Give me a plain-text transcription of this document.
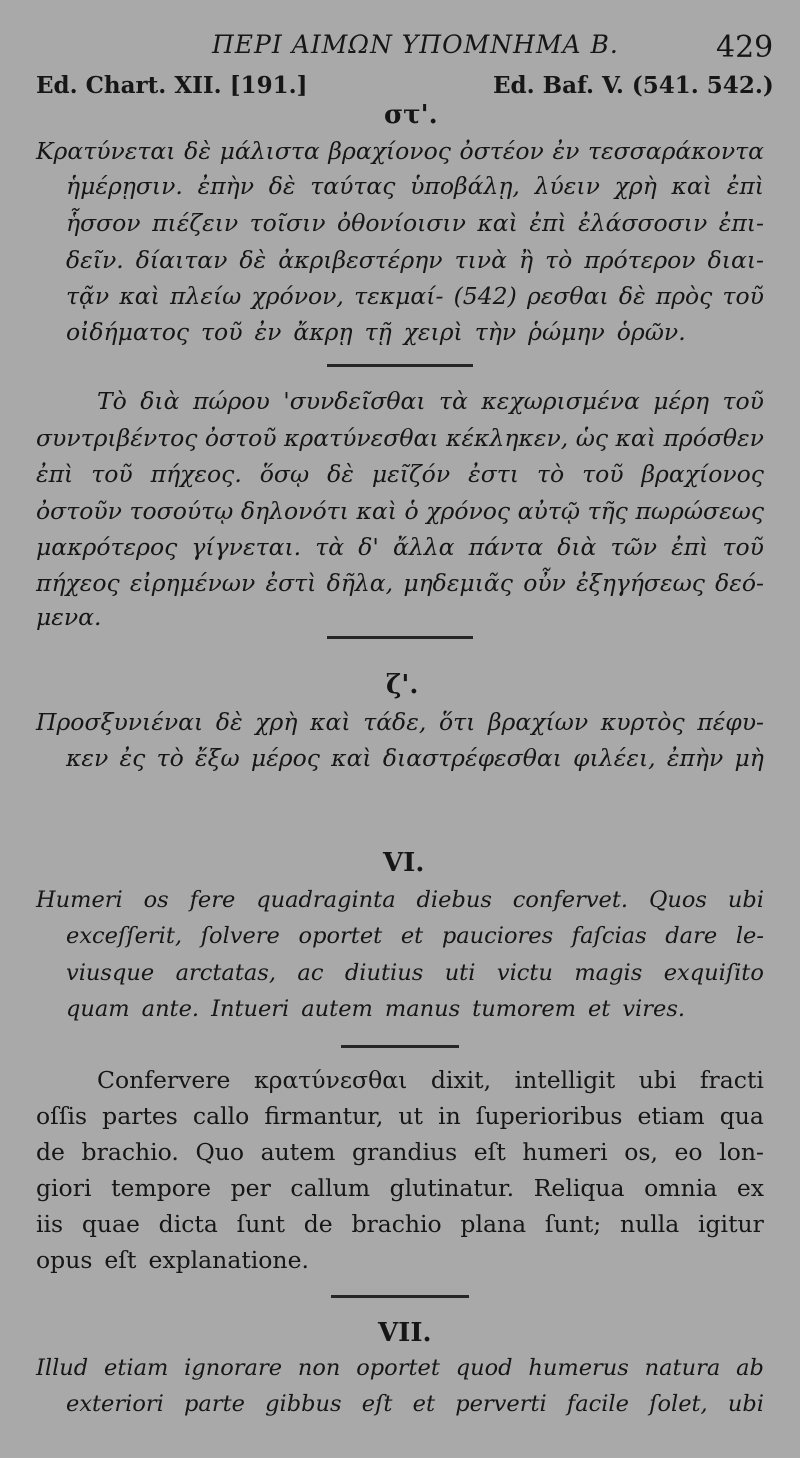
ΠΕΡΙ ΑΙΜΩΝ ΥΠΟΜΝΗΜΑ Β.	429
Ed. Chart. XII. [191.]	Ed. Baf. V. (541. 542.)
στ'.
Κρατύνεται δὲ μάλιστα βραχίονος ὀστέον ἐν τεσσαράκοντα
ἡμέρῃσιν. ἐπὴν δὲ ταύτας ὑποβάλῃ, λύειν χρὴ καὶ ἐπὶ
ἧσσον πιέζειν τοῖσιν ὀθονίοισιν καὶ ἐπὶ ἐλάσσοσιν ἐπι-
δεῖν. δίαιταν δὲ ἀκριβεστέρην τινὰ ἢ τὸ πρότερον διαι-
τᾷν καὶ πλείω χρόνον, τεκμαί- (542) ρεσθαι δὲ πρὸς τοῦ
οἰδήματος τοῦ ἐν ἄκρῃ τῇ χειρὶ τὴν ῥώμην ὁρῶν.
Τὸ διὰ πώρου 'συνδεῖσθαι τὰ κεχωρισμένα μέρη τοῦ
συντριβέντος ὀστοῦ κρατύνεσθαι κέκληκεν, ὡς καὶ πρόσθεν
ἐπὶ τοῦ πήχεος. ὅσῳ δὲ μεῖζόν ἐστι τὸ τοῦ βραχίονος
ὀστοῦν τοσούτῳ δηλονότι καὶ ὁ χρόνος αὐτῷ τῆς πωρώσεως
μακρότερος γίγνεται. τὰ δ' ἄλλα πάντα διὰ τῶν ἐπὶ τοῦ
πήχεος εἰρημένων ἐστὶ δῆλα, μηδεμιᾶς οὖν ἐξηγήσεως δεό-
μενα.
ζ'.
Προσξυνιέναι δὲ χρὴ καὶ τάδε, ὅτι βραχίων κυρτὸς πέφυ-
κεν ἐς τὸ ἔξω μέρος καὶ διαστρέφεσθαι φιλέει, ἐπὴν μὴ
VI.
Humeri os fere quadraginta diebus confervet. Quos ubi
exceſſerit, ſolvere oportet et pauciores faſcias dare le-
viusque arctatas, ac diutius uti victu magis exquiſito
quam ante. Intueri autem manus tumorem et vires.
Confervere κρατύνεσθαι dixit, intelligit ubi fracti
oſſis partes callo firmantur, ut in ſuperioribus etiam qua
de brachio. Quo autem grandius eſt humeri os, eo lon-
giori tempore per callum glutinatur. Reliqua omnia ex
iis quae dicta ſunt de brachio plana ſunt; nulla igitur
opus eſt explanatione.
VII.
Illud etiam ignorare non oportet quod humerus natura ab
exteriori parte gibbus eſt et perverti facile ſolet, ubi
